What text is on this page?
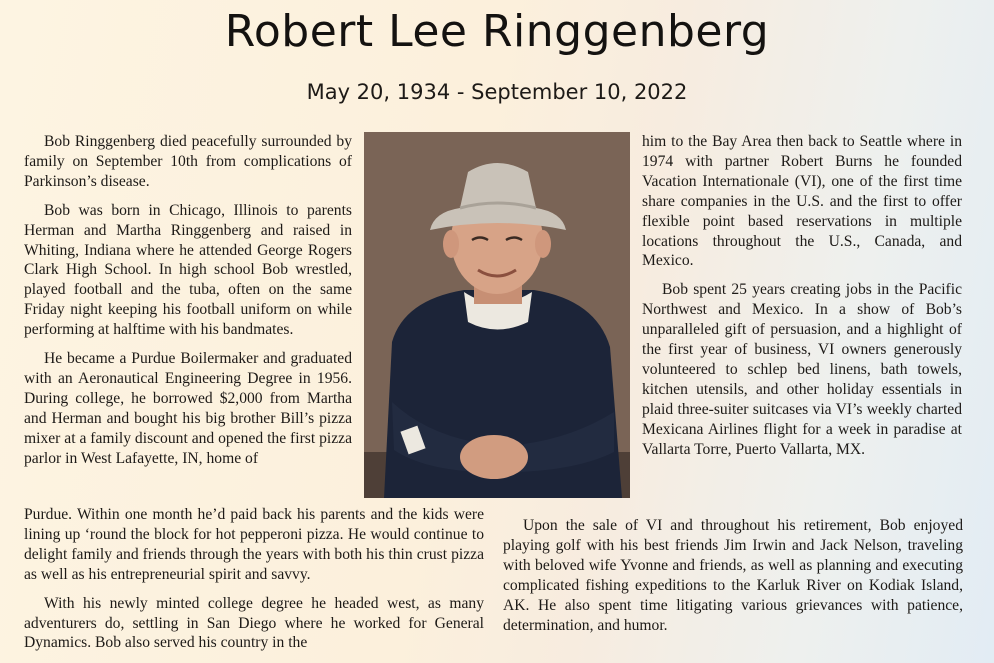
Robert Lee Ringgenberg
May 20, 1934 - September 10, 2022

Bob Ringgenberg died peacefully surrounded by family on September 10th from complications of Parkinson’s disease.

Bob was born in Chicago, Illinois to parents Herman and Martha Ringgenberg and raised in Whiting, Indiana where he attended George Rogers Clark High School. In high school Bob wrestled, played football and the tuba, often on the same Friday night keeping his football uniform on while performing at halftime with his bandmates.

He became a Purdue Boilermaker and graduated with an Aeronautical Engineering Degree in 1956. During college, he borrowed $2,000 from Martha and Herman and bought his big brother Bill’s pizza mixer at a family discount and opened the first pizza parlor in West Lafayette, IN, home of

Purdue. Within one month he’d paid back his parents and the kids were lining up ‘round the block for hot pepperoni pizza. He would continue to delight family and friends through the years with both his thin crust pizza as well as his entrepreneurial spirit and savvy.

With his newly minted college degree he headed west, as many adventurers do, settling in San Diego where he worked for General Dynamics. Bob also served his country in the

him to the Bay Area then back to Seattle where in 1974 with partner Robert Burns he founded Vacation Internationale (VI), one of the first time share companies in the U.S. and the first to offer flexible point based reservations in multiple locations throughout the U.S., Canada, and Mexico.

Bob spent 25 years creating jobs in the Pacific Northwest and Mexico. In a show of Bob’s unparalleled gift of persuasion, and a highlight of the first year of business, VI owners generously volunteered to schlep bed linens, bath towels, kitchen utensils, and other holiday essentials in plaid three-suiter suitcases via VI’s weekly charted Mexicana Airlines flight for a week in paradise at Vallarta Torre, Puerto Vallarta, MX.

Upon the sale of VI and throughout his retirement, Bob enjoyed playing golf with his best friends Jim Irwin and Jack Nelson, traveling with beloved wife Yvonne and friends, as well as planning and executing complicated fishing expeditions to the Karluk River on Kodiak Island, AK. He also spent time litigating various grievances with patience, determination, and humor.
